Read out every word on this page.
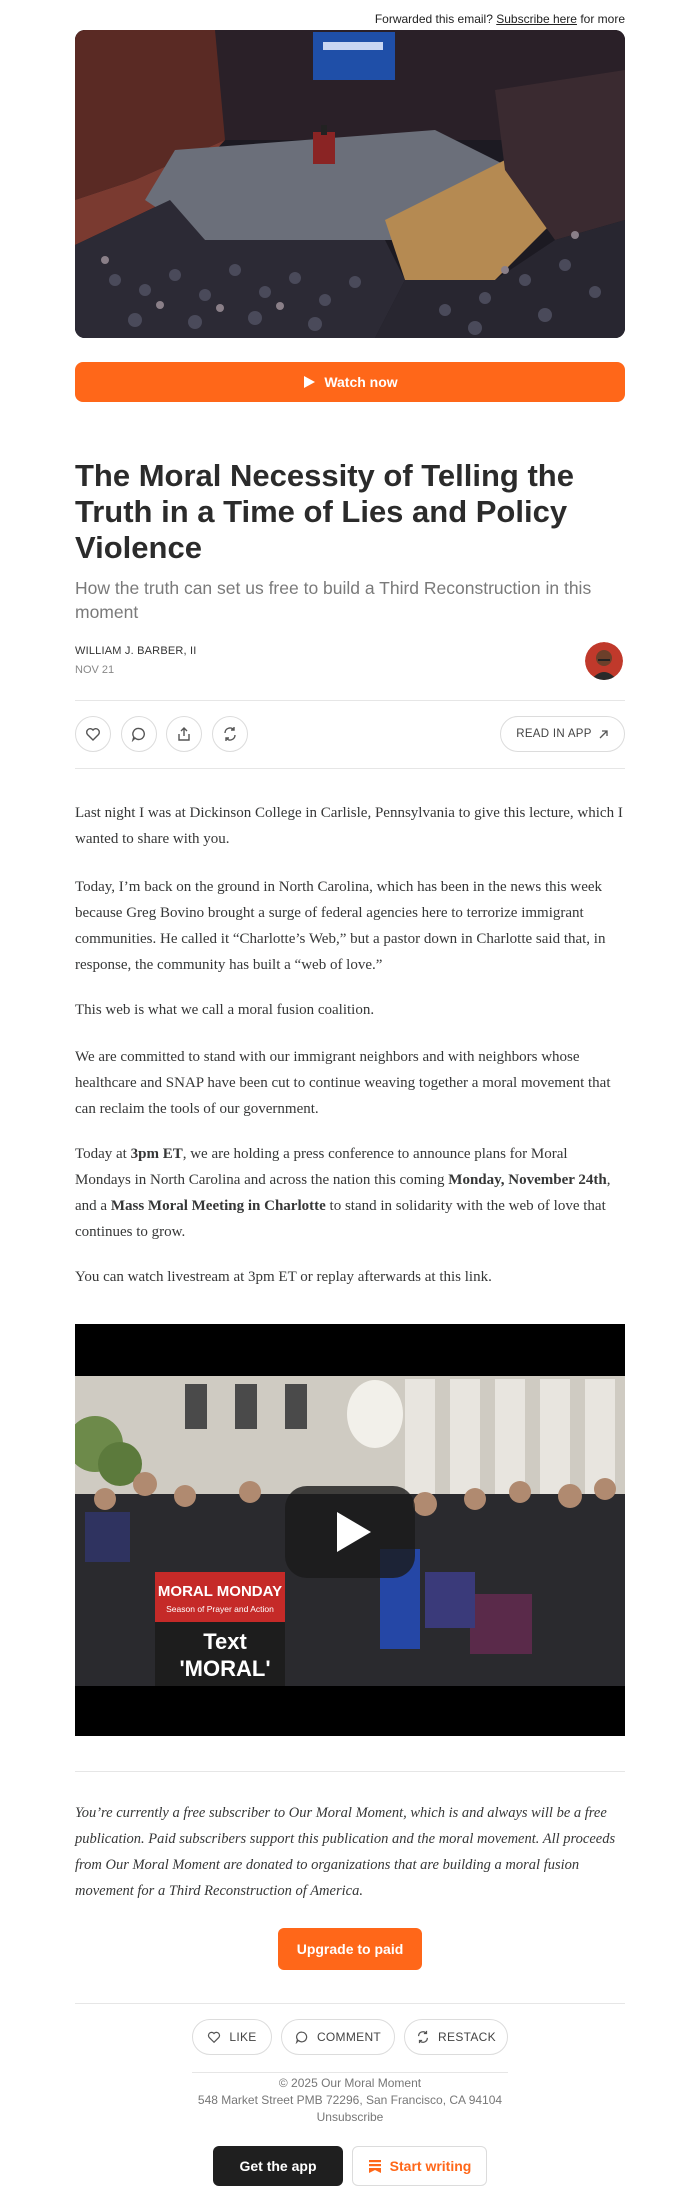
Forwarded this email? Subscribe here for more
Watch now
The Moral Necessity of Telling the Truth in a Time of Lies and Policy Violence
How the truth can set us free to build a Third Reconstruction in this moment
WILLIAM J. BARBER, II
NOV 21
READ IN APP

Last night I was at Dickinson College in Carlisle, Pennsylvania to give this lecture, which I wanted to share with you.

Today, I’m back on the ground in North Carolina, which has been in the news this week because Greg Bovino brought a surge of federal agencies here to terrorize immigrant communities. He called it “Charlotte’s Web,” but a pastor down in Charlotte said that, in response, the community has built a “web of love.”

This web is what we call a moral fusion coalition.

We are committed to stand with our immigrant neighbors and with neighbors whose healthcare and SNAP have been cut to continue weaving together a moral movement that can reclaim the tools of our government.

Today at 3pm ET, we are holding a press conference to announce plans for Moral Mondays in North Carolina and across the nation this coming Monday, November 24th, and a Mass Moral Meeting in Charlotte to stand in solidarity with the web of love that continues to grow.

You can watch livestream at 3pm ET or replay afterwards at this link.

MORAL MONDAY
Season of Prayer and Action
Text
'MORAL'
You’re currently a free subscriber to Our Moral Moment, which is and always will be a free publication. Paid subscribers support this publication and the moral movement. All proceeds from Our Moral Moment are donated to organizations that are building a moral fusion movement for a Third Reconstruction of America.
Upgrade to paid
LIKE	COMMENT	RESTACK
© 2025 Our Moral Moment
548 Market Street PMB 72296, San Francisco, CA 94104
Unsubscribe
Get the app	Start writing
